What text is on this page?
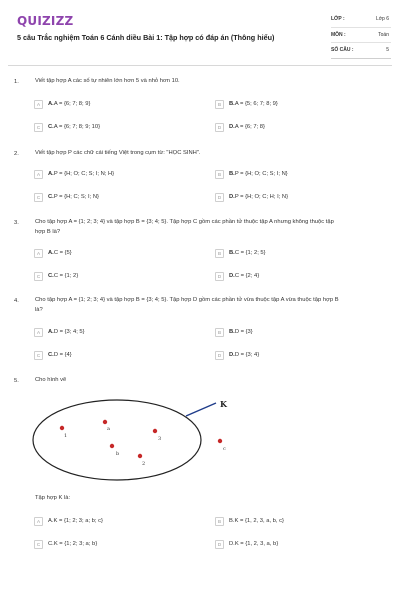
QUIZIZZ
5 câu Trắc nghiệm Toán 6 Cánh diều Bài 1: Tập hợp có đáp án (Thông hiểu)
LỚP :	Lớp 6
MÔN :	Toán
SỐ CÂU :	5
1.	Viết tập hợp A các số tự nhiên lớn hơn 5 và nhỏ hơn 10.
A	A. A = {6; 7; 8; 9}	B	B. A = {5; 6; 7; 8; 9}
C	C. A = {6; 7; 8; 9; 10}	D	D. A = {6; 7; 8}
2.	Viết tập hợp P các chữ cái tiếng Việt trong cụm từ: "HỌC SINH".
A	A. P = {H; O; C; S; I; N; H}	B	B. P = {H; O; C; S; I; N}
C	C. P = {H; C; S; I; N}	D	D. P = {H; O; C; H; I; N}
3.	Cho tập hợp A = {1; 2; 3; 4} và tập hợp B = {3; 4; 5}. Tập hợp C gồm các phần tử thuộc tập A nhưng không thuộc tập
hợp B là?
A	A. C = {5}	B	B. C = {1; 2; 5}
C	C. C = {1; 2}	D	D. C = {2; 4}
4.	Cho tập hợp A = {1; 2; 3; 4} và tập hợp B = {3; 4; 5}. Tập hợp D gồm các phần tử vừa thuộc tập A vừa thuộc tập hợp B
là?
A	A. D = {3; 4; 5}	B	B. D = {3}
C	C. D = {4}	D	D. D = {3; 4}
5.	Cho hình vẽ
K
1
a
3
b
2
c
Tập hợp K là:
A	A. K = {1; 2; 3; a; b; c}	B	B. K = {1, 2, 3, a, b, c}
C	C. K = {1; 2; 3; a; b}	D	D. K = {1, 2, 3, a, b}
